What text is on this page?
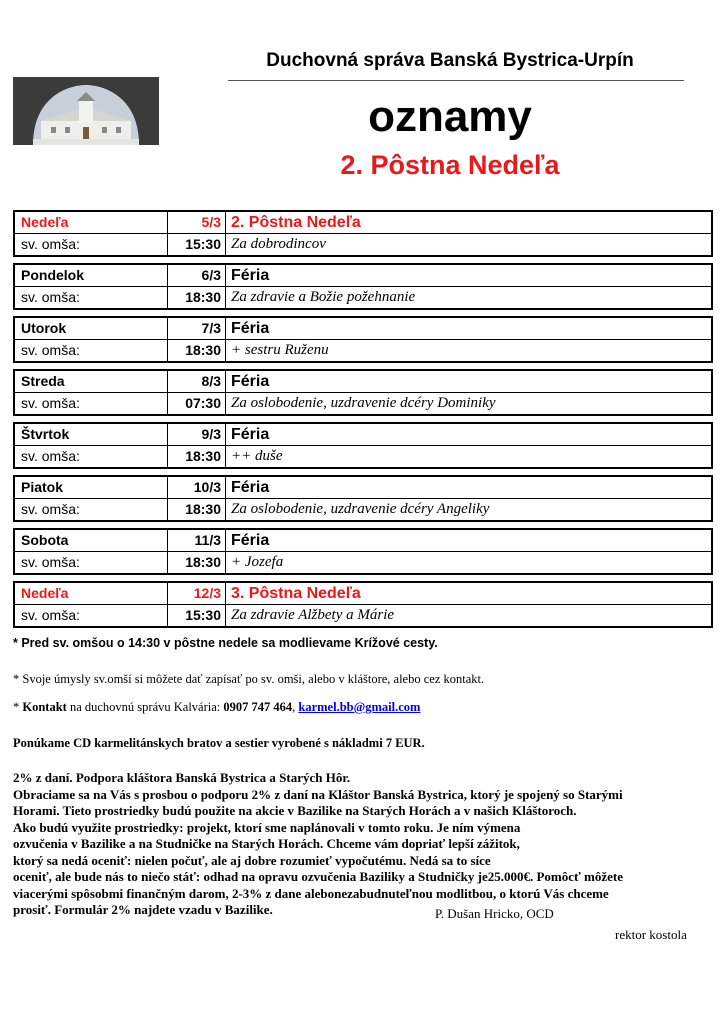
Duchovná správa Banská Bystrica-Urpín
oznamy
2. Pôstna Nedeľa
Nedeľa	5/3 2. Pôstna Nedeľa
sv. omša:	15:30 Za dobrodincov
Pondelok	6/3 Féria
sv. omša:	18:30 Za zdravie a Božie požehnanie
Utorok	7/3 Féria
sv. omša:	18:30 + sestru Ruženu
Streda	8/3 Féria
sv. omša:	07:30 Za oslobodenie, uzdravenie dcéry Dominiky
Štvrtok	9/3 Féria
sv. omša:	18:30 ++ duše
Piatok	10/3 Féria
sv. omša:	18:30 Za oslobodenie, uzdravenie dcéry Angeliky
Sobota	11/3 Féria
sv. omša:	18:30 + Jozefa
Nedeľa	12/3 3. Pôstna Nedeľa
sv. omša:	15:30 Za zdravie Alžbety a Márie
* Pred sv. omšou o 14:30 v pôstne nedele sa modlievame Krížové cesty.
* Svoje úmysly sv.omší si môžete dať zapísať po sv. omši, alebo v kláštore, alebo cez kontakt.
* Kontakt na duchovnú správu Kalvária: 0907 747 464, karmel.bb@gmail.com
Ponúkame CD karmelitánskych bratov a sestier vyrobené s nákladmi 7 EUR.
2% z daní. Podpora kláštora Banská Bystrica a Starých Hôr.
Obraciame sa na Vás s prosbou o podporu 2% z daní na Kláštor Banská Bystrica, ktorý je spojený so Starými
Horami. Tieto prostriedky budú použite na akcie v Bazilike na Starých Horách a v našich Kláštoroch.
Ako budú využite prostriedky: projekt, ktorí sme naplánovali v tomto roku. Je ním výmena
ozvučenia v Bazilike a na Studničke na Starých Horách. Chceme vám dopriať lepší zážitok,
ktorý sa nedá oceniť: nielen počuť, ale aj dobre rozumieť vypočutému. Nedá sa to síce
oceniť, ale bude nás to niečo stáť: odhad na opravu ozvučenia Baziliky a Studničky je25.000€. Pomôcť môžete
viacerými spôsobmi finančným darom, 2-3% z dane alebonezabudnuteľnou modlitbou, o ktorú Vás chceme
prosiť. Formulár 2% najdete vzadu v Bazilike.	P. Dušan Hricko, OCD
rektor kostola
